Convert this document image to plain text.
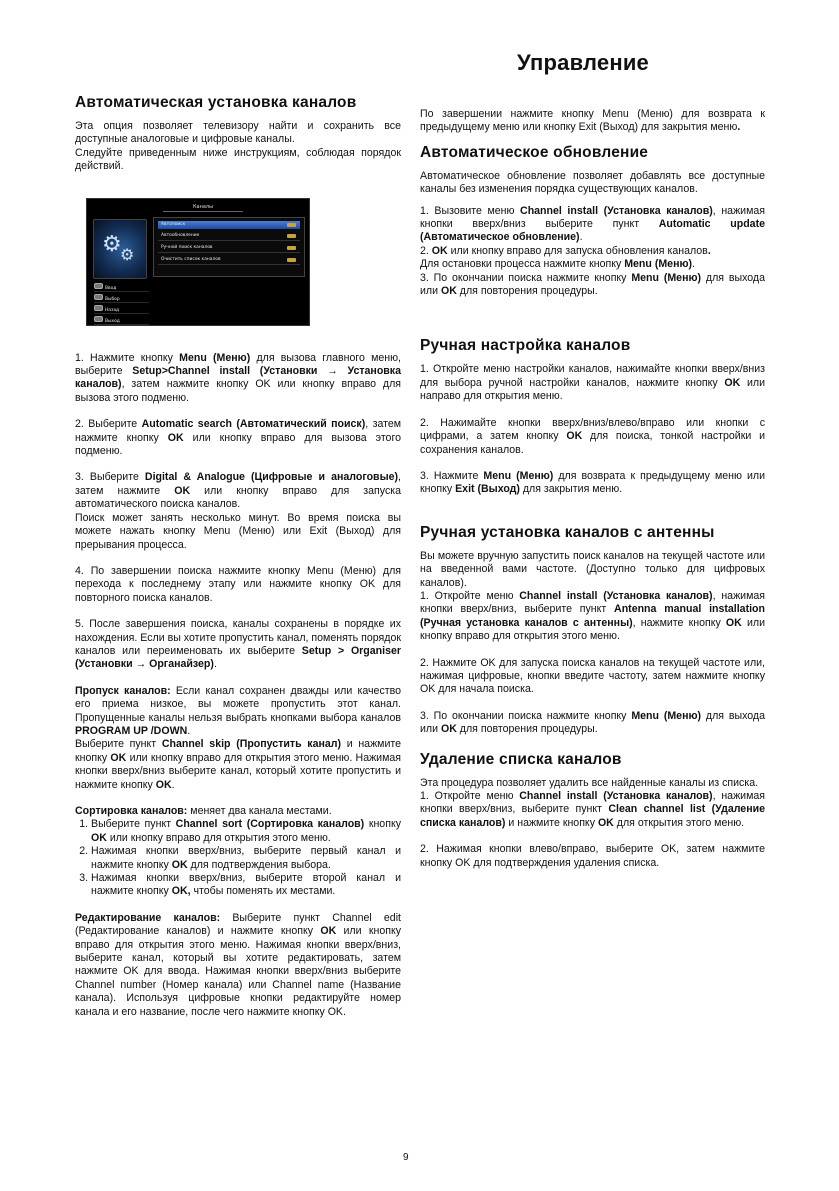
Управление
Автоматическая установка каналов

Эта опция позволяет телевизору найти и сохранить все доступные аналоговые и цифровые каналы.

Следуйте приведенным ниже инструкциям, соблюдая порядок действий.

Каналы
⚙
⚙
Автопоиск
Автообновление
Ручной поиск каналов
Очистить список каналов
Ввод
Выбор
Назад
Выход

1. Нажмите кнопку Menu (Меню) для вызова главного меню, выберите Setup>Channel install (Установки → Установка каналов), затем нажмите кнопку OK или кнопку вправо для вызова этого подменю.

2. Выберите Automatic search (Автоматический поиск), затем нажмите кнопку OK или кнопку вправо для вызова этого подменю.

3. Выберите Digital & Analogue (Цифровые и аналоговые), затем нажмите OK или кнопку вправо для запуска автоматического поиска каналов.

Поиск может занять несколько минут. Во время поиска вы можете нажать кнопку Menu (Меню) или Exit (Выход) для прерывания процесса.

4. По завершении поиска нажмите кнопку Menu (Меню) для перехода к последнему этапу или нажмите кнопку OK для повторного поиска каналов.

5. После завершения поиска, каналы сохранены в порядке их нахождения. Если вы хотите пропустить канал, поменять порядок каналов или переименовать их выберите Setup > Organiser (Установки → Органайзер).

Пропуск каналов: Если канал сохранен дважды или качество его приема низкое, вы можете пропустить этот канал. Пропущенные каналы нельзя выбрать кнопками выбора каналов PROGRAM UP /DOWN.

Выберите пункт Channel skip (Пропустить канал) и нажмите кнопку OK или кнопку вправо для открытия этого меню. Нажимая кнопки вверх/вниз выберите канал, который хотите пропустить и нажмите кнопку OK.

Сортировка каналов: меняет два канала местами.

1. Выберите пункт Channel sort (Сортировка каналов) кнопку OK или кнопку вправо для открытия этого меню.
2. Нажимая кнопки вверх/вниз, выберите первый канал и нажмите кнопку OK для подтверждения выбора.
3. Нажимая кнопки вверх/вниз, выберите второй канал и нажмите кнопку OK, чтобы поменять их местами.

Редактирование каналов: Выберите пункт Channel edit (Редактирование каналов) и нажмите кнопку OK или кнопку вправо для открытия этого меню. Нажимая кнопки вверх/вниз, выберите канал, который вы хотите редактировать, затем нажмите OK для ввода. Нажимая кнопки вверх/вниз выберите Channel number (Номер канала) или Channel name (Название канала). Используя цифровые кнопки редактируйте номер канала и его название, после чего нажмите кнопку OK.

По завершении нажмите кнопку Menu (Меню) для возврата к предыдущему меню или кнопку Exit (Выход) для закрытия меню.

Автоматическое обновление

Автоматическое обновление позволяет добавлять все доступные каналы без изменения порядка существующих каналов.

1. Вызовите меню Channel install (Установка каналов), нажимая кнопки вверх/вниз выберите пункт Automatic update (Автоматическое обновление).

2. OK или кнопку вправо для запуска обновления каналов.

Для остановки процесса нажмите кнопку Menu (Меню).

3. По окончании поиска нажмите кнопку Menu (Меню) для выхода или OK для повторения процедуры.

Ручная настройка каналов

1. Откройте меню настройки каналов, нажимайте кнопки вверх/вниз для выбора ручной настройки каналов, нажмите кнопку OK или направо для открытия меню.

2. Нажимайте кнопки вверх/вниз/влево/вправо или кнопки с цифрами, а затем кнопку OK для поиска, тонкой настройки и сохранения каналов.

3. Нажмите Menu (Меню) для возврата к предыдущему меню или кнопку Exit (Выход) для закрытия меню.

Ручная установка каналов с антенны

Вы можете вручную запустить поиск каналов на текущей частоте или на введенной вами частоте. (Доступно только для цифровых каналов).

1. Откройте меню Channel install (Установка каналов), нажимая кнопки вверх/вниз, выберите пункт Antenna manual installation (Ручная установка каналов с антенны), нажмите кнопку OK или кнопку вправо для открытия этого меню.

2. Нажмите OK для запуска поиска каналов на текущей частоте или, нажимая цифровые, кнопки введите частоту, затем нажмите кнопку OK для начала поиска.

3. По окончании поиска нажмите кнопку Menu (Меню) для выхода или OK для повторения процедуры.

Удаление списка каналов

Эта процедура позволяет удалить все найденные каналы из списка.

1. Откройте меню Channel install (Установка каналов), нажимая кнопки вверх/вниз, выберите пункт Clean channel list (Удаление списка каналов) и нажмите кнопку OK для открытия этого меню.

2. Нажимая кнопки влево/вправо, выберите OK, затем нажмите кнопку OK для подтверждения удаления списка.

9
